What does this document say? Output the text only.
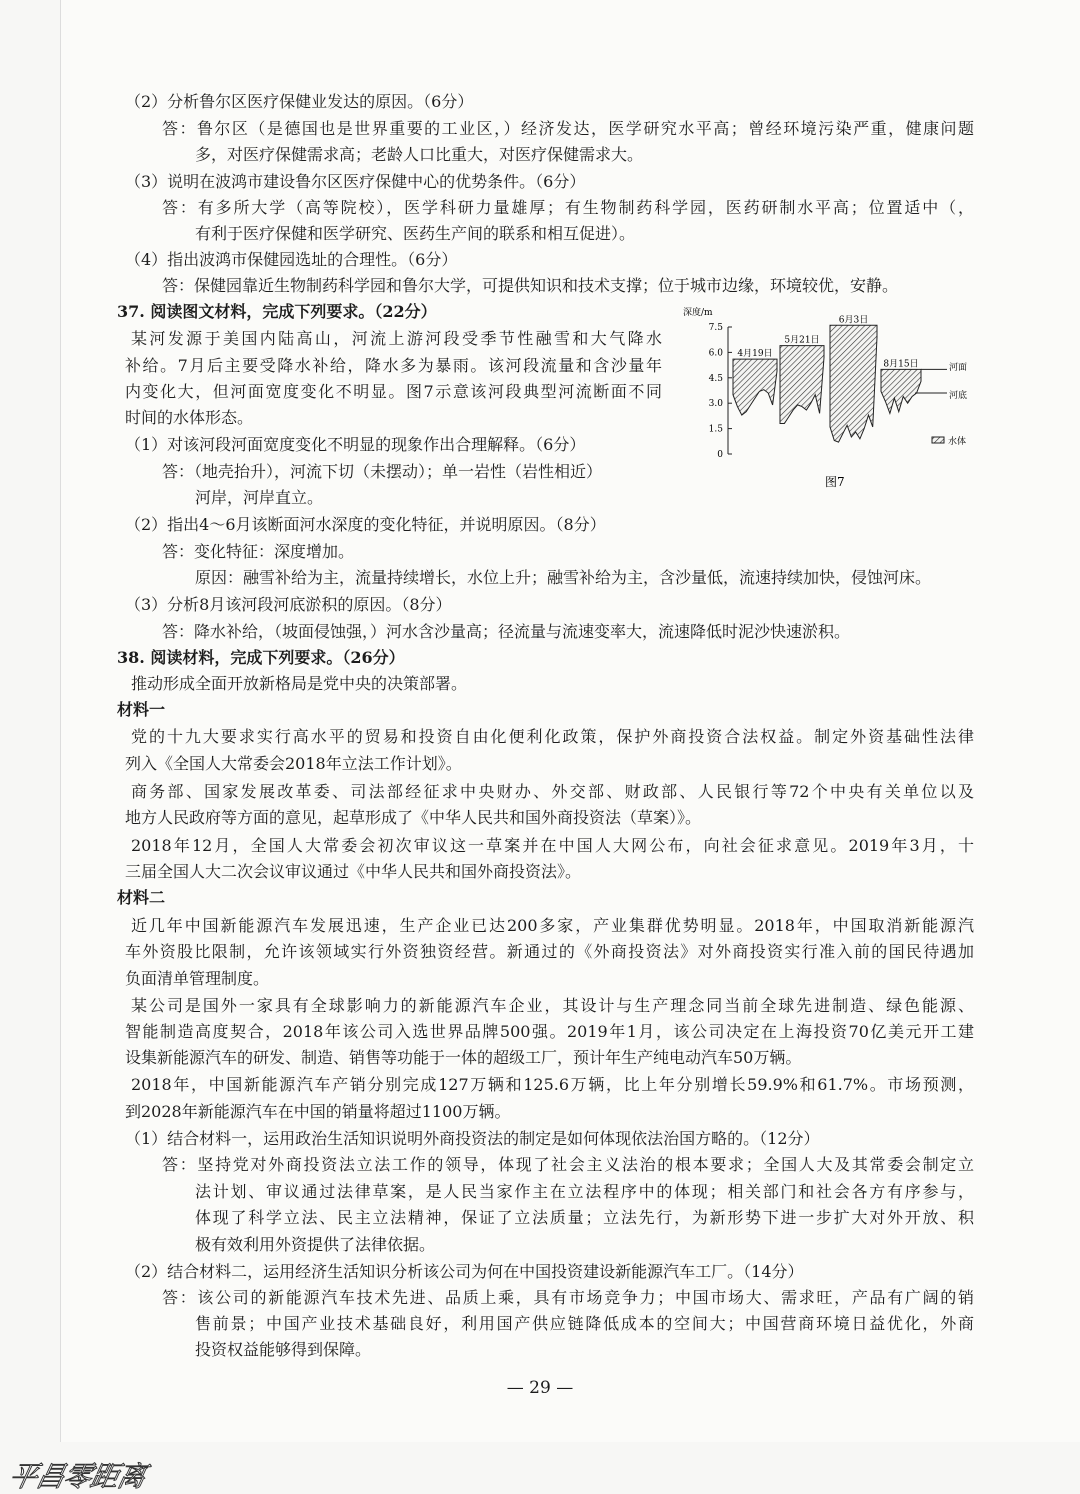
（2）分析鲁尔区医疗保健业发达的原因。（6分）
答：鲁尔区（是德国也是世界重要的工业区，）经济发达，医学研究水平高；曾经环境污染严重，健康问题
多，对医疗保健需求高；老龄人口比重大，对医疗保健需求大。
（3）说明在波鸿市建设鲁尔区医疗保健中心的优势条件。（6分）
答：有多所大学（高等院校），医学科研力量雄厚；有生物制药科学园，医药研制水平高；位置适中（，
有利于医疗保健和医学研究、医药生产间的联系和相互促进）。
（4）指出波鸿市保健园选址的合理性。（6分）
答：保健园靠近生物制药科学园和鲁尔大学，可提供知识和技术支撑；位于城市边缘，环境较优，安静。
37. 阅读图文材料，完成下列要求。（22分）
某河发源于美国内陆高山，河流上游河段受季节性融雪和大气降水
补给。7月后主要受降水补给，降水多为暴雨。该河段流量和含沙量年
内变化大，但河面宽度变化不明显。图7示意该河段典型河流断面不同
时间的水体形态。
（1）对该河段河面宽度变化不明显的现象作出合理解释。（6分）
答：（地壳抬升），河流下切（未摆动）；单一岩性（岩性相近）
河岸，河岸直立。
（2）指出4～6月该断面河水深度的变化特征，并说明原因。（8分）
答：变化特征：深度增加。
原因：融雪补给为主，流量持续增长，水位上升；融雪补给为主，含沙量低，流速持续加快，侵蚀河床。
（3）分析8月该河段河底淤积的原因。（8分）
答：降水补给，（坡面侵蚀强，）河水含沙量高；径流量与流速变率大，流速降低时泥沙快速淤积。
38. 阅读材料，完成下列要求。（26分）
推动形成全面开放新格局是党中央的决策部署。
材料一
党的十九大要求实行高水平的贸易和投资自由化便利化政策，保护外商投资合法权益。制定外资基础性法律
列入《全国人大常委会2018年立法工作计划》。
商务部、国家发展改革委、司法部经征求中央财办、外交部、财政部、人民银行等72个中央有关单位以及
地方人民政府等方面的意见，起草形成了《中华人民共和国外商投资法（草案）》。
2018年12月，全国人大常委会初次审议这一草案并在中国人大网公布，向社会征求意见。2019年3月，十
三届全国人大二次会议审议通过《中华人民共和国外商投资法》。
材料二
近几年中国新能源汽车发展迅速，生产企业已达200多家，产业集群优势明显。2018年，中国取消新能源汽
车外资股比限制，允许该领域实行外资独资经营。新通过的《外商投资法》对外商投资实行准入前的国民待遇加
负面清单管理制度。
某公司是国外一家具有全球影响力的新能源汽车企业，其设计与生产理念同当前全球先进制造、绿色能源、
智能制造高度契合，2018年该公司入选世界品牌500强。2019年1月，该公司决定在上海投资70亿美元开工建
设集新能源汽车的研发、制造、销售等功能于一体的超级工厂，预计年生产纯电动汽车50万辆。
2018年，中国新能源汽车产销分别完成127万辆和125.6万辆，比上年分别增长59.9%和61.7%。市场预测，
到2028年新能源汽车在中国的销量将超过1100万辆。
（1）结合材料一，运用政治生活知识说明外商投资法的制定是如何体现依法治国方略的。（12分）
答：坚持党对外商投资法立法工作的领导，体现了社会主义法治的根本要求；全国人大及其常委会制定立
法计划、审议通过法律草案，是人民当家作主在立法程序中的体现；相关部门和社会各方有序参与，
体现了科学立法、民主立法精神，保证了立法质量；立法先行，为新形势下进一步扩大对外开放、积
极有效利用外资提供了法律依据。
（2）结合材料二，运用经济生活知识分析该公司为何在中国投资建设新能源汽车工厂。（14分）
答：该公司的新能源汽车技术先进、品质上乘，具有市场竞争力；中国市场大、需求旺，产品有广阔的销
售前景；中国产业技术基础良好，利用国产供应链降低成本的空间大；中国营商环境日益优化，外商
投资权益能够得到保障。
0
1.5
3.0
4.5
6.0
7.5
深度/m
4月19日
5月21日
6月3日
8月15日	河面
河底
水体
图7
— 29 —
平昌零距离
